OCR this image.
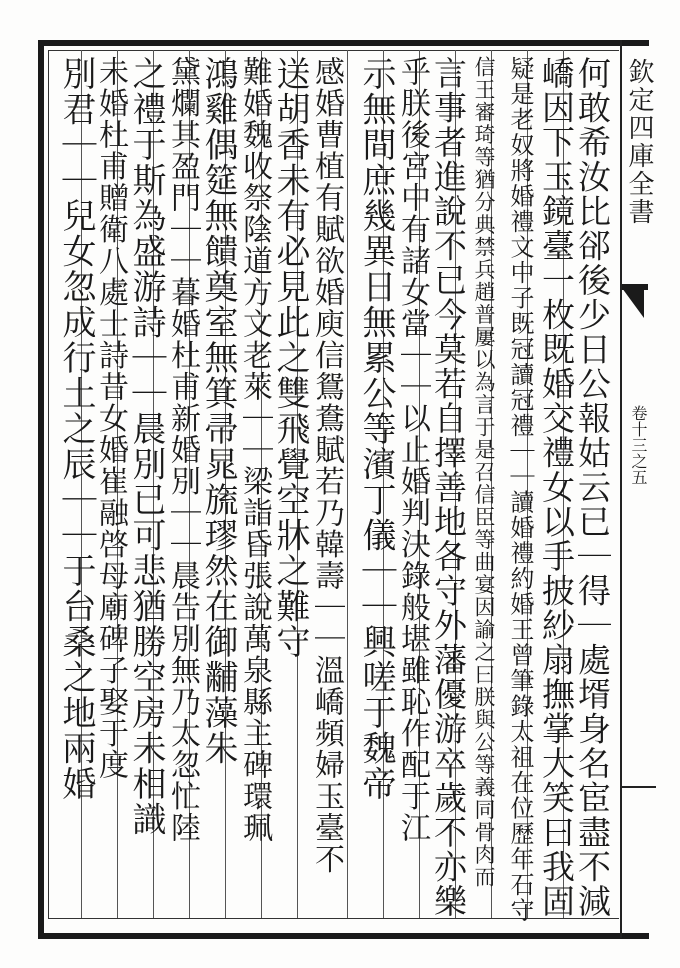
欽定四庫全書
卷十三之五
何敢希汝比郤後少日公報姑云已｜得｜處壻身名宦盡不減
嶠因下玉鏡臺一枚既婚交禮女以手披紗扇撫掌大笑曰我固
疑是老奴將婚禮文中子既冠讀冠禮｜｜讀婚禮約婚王曾筆錄太祖在位歷年石守
信王審琦等猶分典禁兵趙普屢以為言于是召信臣等曲宴因諭之曰朕與公等義同骨肉而
言事者進說不已今莫若自擇善地各守外藩優游卒歲不亦樂
乎朕後宮中有諸女當｜｜以止婚判決錄般堪雖恥作配于江
示無間庶幾異日無累公等濱丁儀｜｜興嗟于魏帝
感婚曹植有賦欲婚庾信鴛鴦賦若乃韓壽｜｜溫嶠頻婦玉臺不
送胡香未有必見此之雙飛覺空牀之難守
難婚魏收祭陰道方文老萊｜｜梁詣昏張說萬泉縣主碑環珮
鴻雞偶筵無饋奠室無箕帚晁旒璆然在御黼藻朱
黛爛其盈門｜｜暮婚杜甫新婚別｜｜晨告別無乃太忽忙陸
之禮于斯為盛游詩｜｜晨別已可悲猶勝空房未相識
未婚杜甫贈衛八處士詩昔女婚崔融啓母廟碑子娶于度
別君｜｜兒女忽成行土之辰｜｜于台桑之地兩婚
